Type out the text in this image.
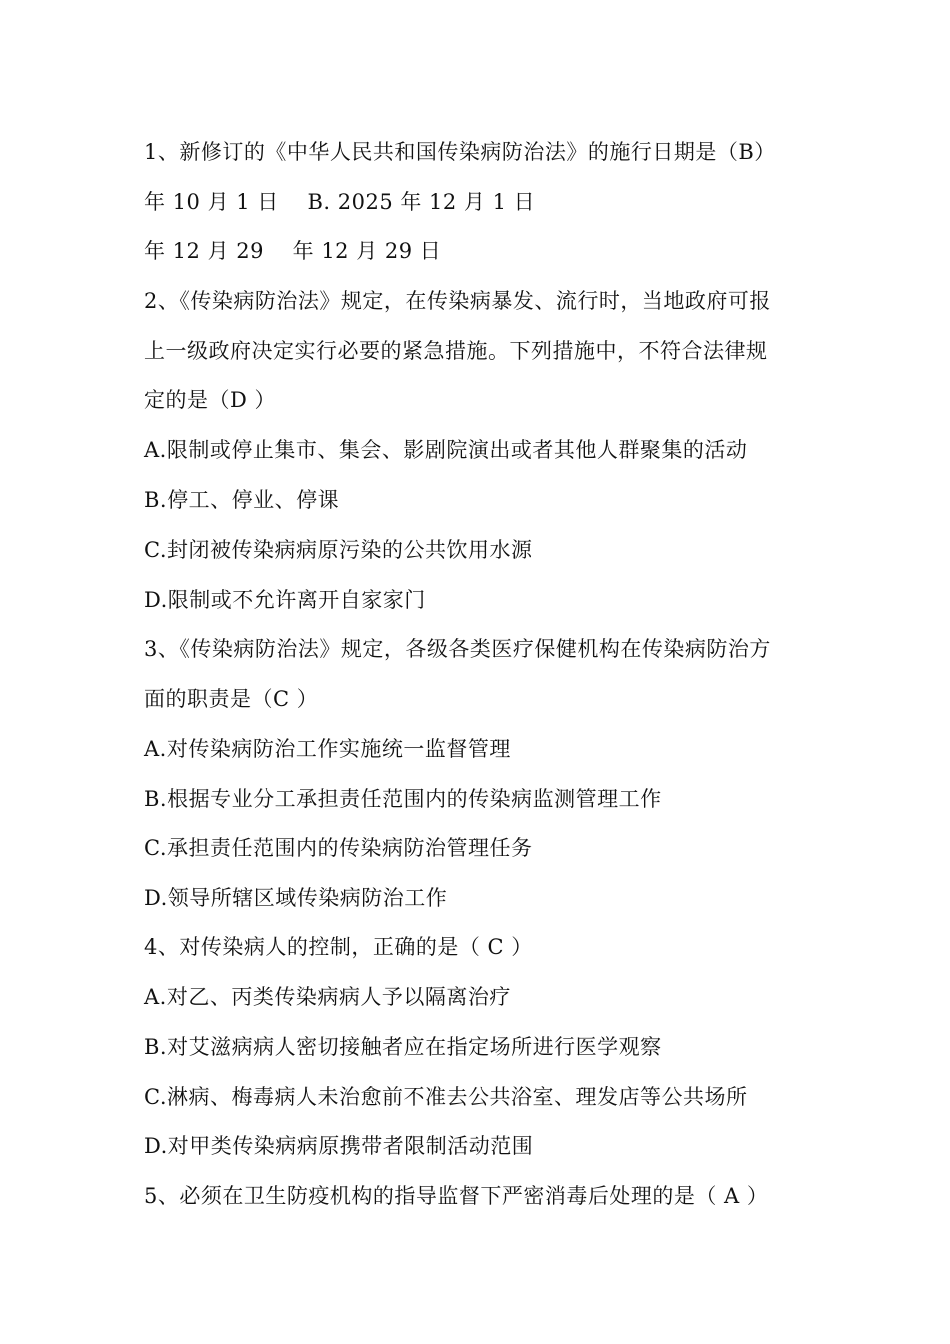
1、新修订的《中华人民共和国传染病防治法》的施行日期是（B）
年 10 月 1 日　 B. 2025 年 12 月 1 日
年 12 月 29　 年 12 月 29 日
2、《传染病防治法》规定，在传染病暴发、流行时，当地政府可报
上一级政府决定实行必要的紧急措施。下列措施中，不符合法律规
定的是（D ）
A.限制或停止集市、集会、影剧院演出或者其他人群聚集的活动
B.停工、停业、停课
C.封闭被传染病病原污染的公共饮用水源
D.限制或不允许离开自家家门
3、《传染病防治法》规定，各级各类医疗保健机构在传染病防治方
面的职责是（C ）
A.对传染病防治工作实施统一监督管理
B.根据专业分工承担责任范围内的传染病监测管理工作
C.承担责任范围内的传染病防治管理任务
D.领导所辖区域传染病防治工作
4、对传染病人的控制，正确的是（ C ）
A.对乙、丙类传染病病人予以隔离治疗
B.对艾滋病病人密切接触者应在指定场所进行医学观察
C.淋病、梅毒病人未治愈前不准去公共浴室、理发店等公共场所
D.对甲类传染病病原携带者限制活动范围
5、必须在卫生防疫机构的指导监督下严密消毒后处理的是（ A ）
